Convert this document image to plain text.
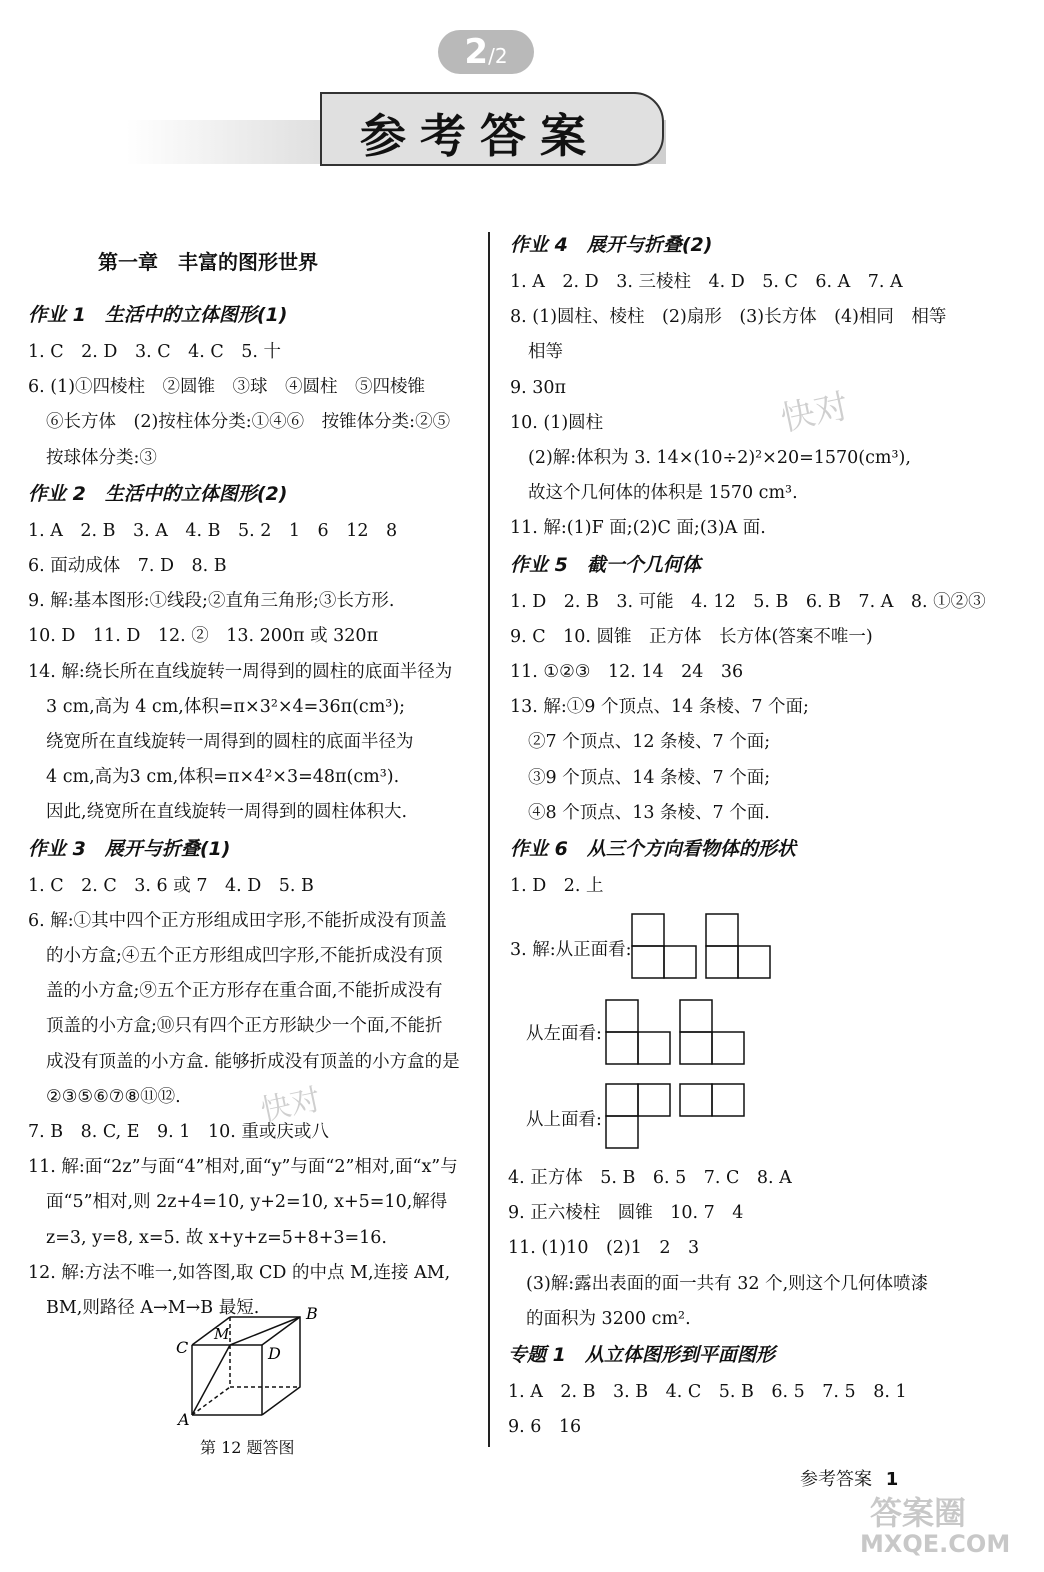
2/2
参考答案
第一章　丰富的图形世界
作业 1　生活中的立体图形(1)
1. C　2. D　3. C　4. C　5. 十
6. (1)①四棱柱　②圆锥　③球　④圆柱　⑤四棱锥
⑥长方体　(2)按柱体分类:①④⑥　按锥体分类:②⑤
按球体分类:③
作业 2　生活中的立体图形(2)
1. A　2. B　3. A　4. B　5. 2　1　6　12　8
6. 面动成体　7. D　8. B
9. 解:基本图形:①线段;②直角三角形;③长方形.
10. D　11. D　12. ②　13. 200π 或 320π
14. 解:绕长所在直线旋转一周得到的圆柱的底面半径为
3 cm,高为 4 cm,体积=π×3²×4=36π(cm³);
绕宽所在直线旋转一周得到的圆柱的底面半径为
4 cm,高为3 cm,体积=π×4²×3=48π(cm³).
因此,绕宽所在直线旋转一周得到的圆柱体积大.
作业 3　展开与折叠(1)
1. C　2. C　3. 6 或 7　4. D　5. B
6. 解:①其中四个正方形组成田字形,不能折成没有顶盖
的小方盒;④五个正方形组成凹字形,不能折成没有顶
盖的小方盒;⑨五个正方形存在重合面,不能折成没有
顶盖的小方盒;⑩只有四个正方形缺少一个面,不能折
成没有顶盖的小方盒. 能够折成没有顶盖的小方盒的是
②③⑤⑥⑦⑧⑪⑫.
7. B　8. C, E　9. 1　10. 重或庆或八
11. 解:面“2z”与面“4”相对,面“y”与面“2”相对,面“x”与
面“5”相对,则 2z+4=10, y+2=10, x+5=10,解得
z=3, y=8, x=5. 故 x+y+z=5+8+3=16.
12. 解:方法不唯一,如答图,取 CD 的中点 M,连接 AM,
BM,则路径 A→M→B 最短.	B
C
M
D
A
第 12 题答图
作业 4　展开与折叠(2)
1. A　2. D　3. 三棱柱　4. D　5. C　6. A　7. A
8. (1)圆柱、棱柱　(2)扇形　(3)长方体　(4)相同　相等
相等
9. 30π
10. (1)圆柱
(2)解:体积为 3. 14×(10÷2)²×20=1570(cm³),
故这个几何体的体积是 1570 cm³.
11. 解:(1)F 面;(2)C 面;(3)A 面.
作业 5　截一个几何体
1. D　2. B　3. 可能　4. 12　5. B　6. B　7. A　8. ①②③
9. C　10. 圆锥　正方体　长方体(答案不唯一)
11. ①②③　12. 14　24　36
13. 解:①9 个顶点、14 条棱、7 个面;
②7 个顶点、12 条棱、7 个面;
③9 个顶点、14 条棱、7 个面;
④8 个顶点、13 条棱、7 个面.
作业 6　从三个方向看物体的形状
1. D　2. 上
3. 解:从正面看:
从左面看:
从上面看:
4. 正方体　5. B　6. 5　7. C　8. A
9. 正六棱柱　圆锥　10. 7　4
11. (1)10　(2)1　2　3
(3)解:露出表面的面一共有 32 个,则这个几何体喷漆
的面积为 3200 cm².
专题 1　从立体图形到平面图形
1. A　2. B　3. B　4. C　5. B　6. 5　7. 5　8. 1
9. 6　16
参考答案 1
快对
快对
答案圈
MXQE.COM
